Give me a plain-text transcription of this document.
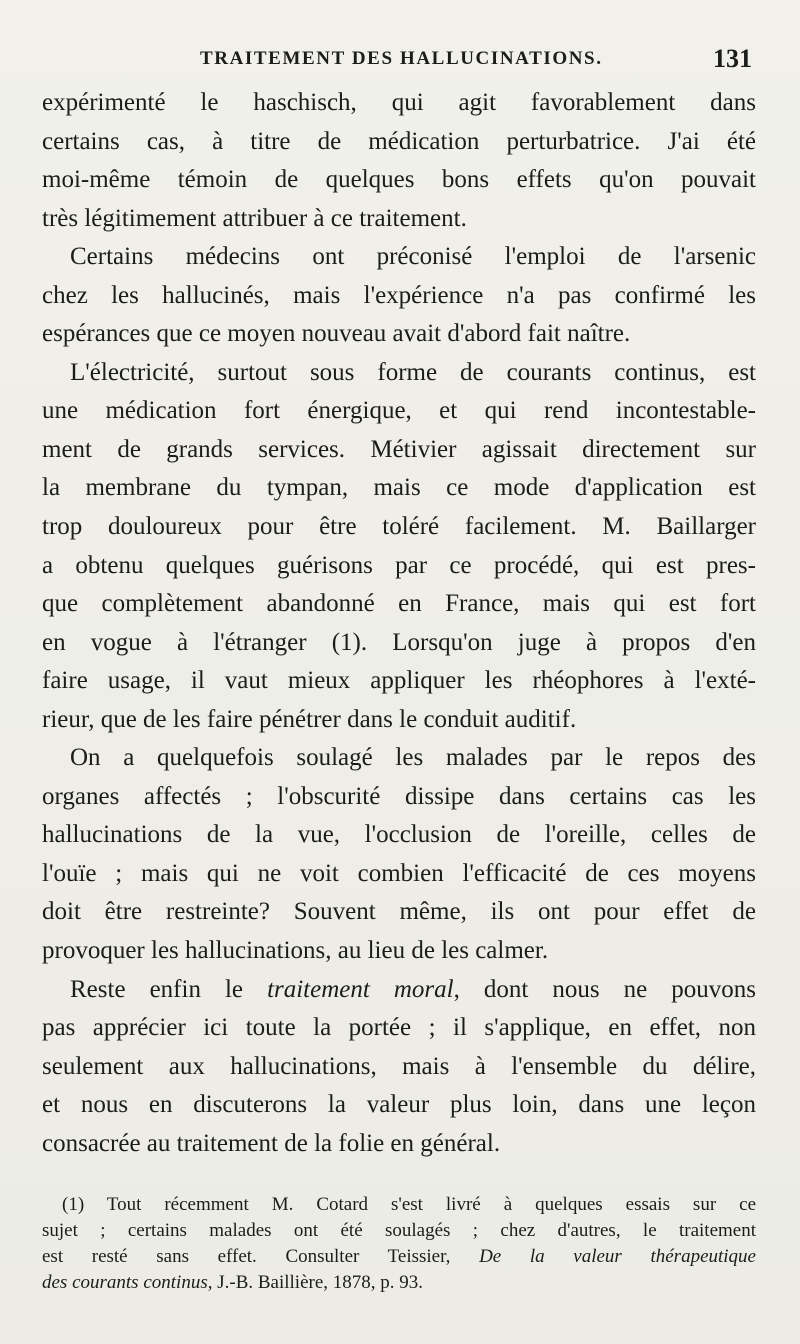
TRAITEMENT DES HALLUCINATIONS.	131
expérimenté le haschisch, qui agit favorablement dans
certains cas, à titre de médication perturbatrice. J'ai été
moi-même témoin de quelques bons effets qu'on pouvait
très légitimement attribuer à ce traitement.
Certains médecins ont préconisé l'emploi de l'arsenic
chez les hallucinés, mais l'expérience n'a pas confirmé les
espérances que ce moyen nouveau avait d'abord fait naître.
L'électricité, surtout sous forme de courants continus, est
une médication fort énergique, et qui rend incontestable-
ment de grands services. Métivier agissait directement sur
la membrane du tympan, mais ce mode d'application est
trop douloureux pour être toléré facilement. M. Baillarger
a obtenu quelques guérisons par ce procédé, qui est pres-
que complètement abandonné en France, mais qui est fort
en vogue à l'étranger (1). Lorsqu'on juge à propos d'en
faire usage, il vaut mieux appliquer les rhéophores à l'exté-
rieur, que de les faire pénétrer dans le conduit auditif.
On a quelquefois soulagé les malades par le repos des
organes affectés ; l'obscurité dissipe dans certains cas les
hallucinations de la vue, l'occlusion de l'oreille, celles de
l'ouïe ; mais qui ne voit combien l'efficacité de ces moyens
doit être restreinte? Souvent même, ils ont pour effet de
provoquer les hallucinations, au lieu de les calmer.
Reste enfin le traitement moral, dont nous ne pouvons
pas apprécier ici toute la portée ; il s'applique, en effet, non
seulement aux hallucinations, mais à l'ensemble du délire,
et nous en discuterons la valeur plus loin, dans une leçon
consacrée au traitement de la folie en général.
(1) Tout récemment M. Cotard s'est livré à quelques essais sur ce
sujet ; certains malades ont été soulagés ; chez d'autres, le traitement
est resté sans effet. Consulter Teissier, De la valeur thérapeutique
des courants continus, J.-B. Baillière, 1878, p. 93.
